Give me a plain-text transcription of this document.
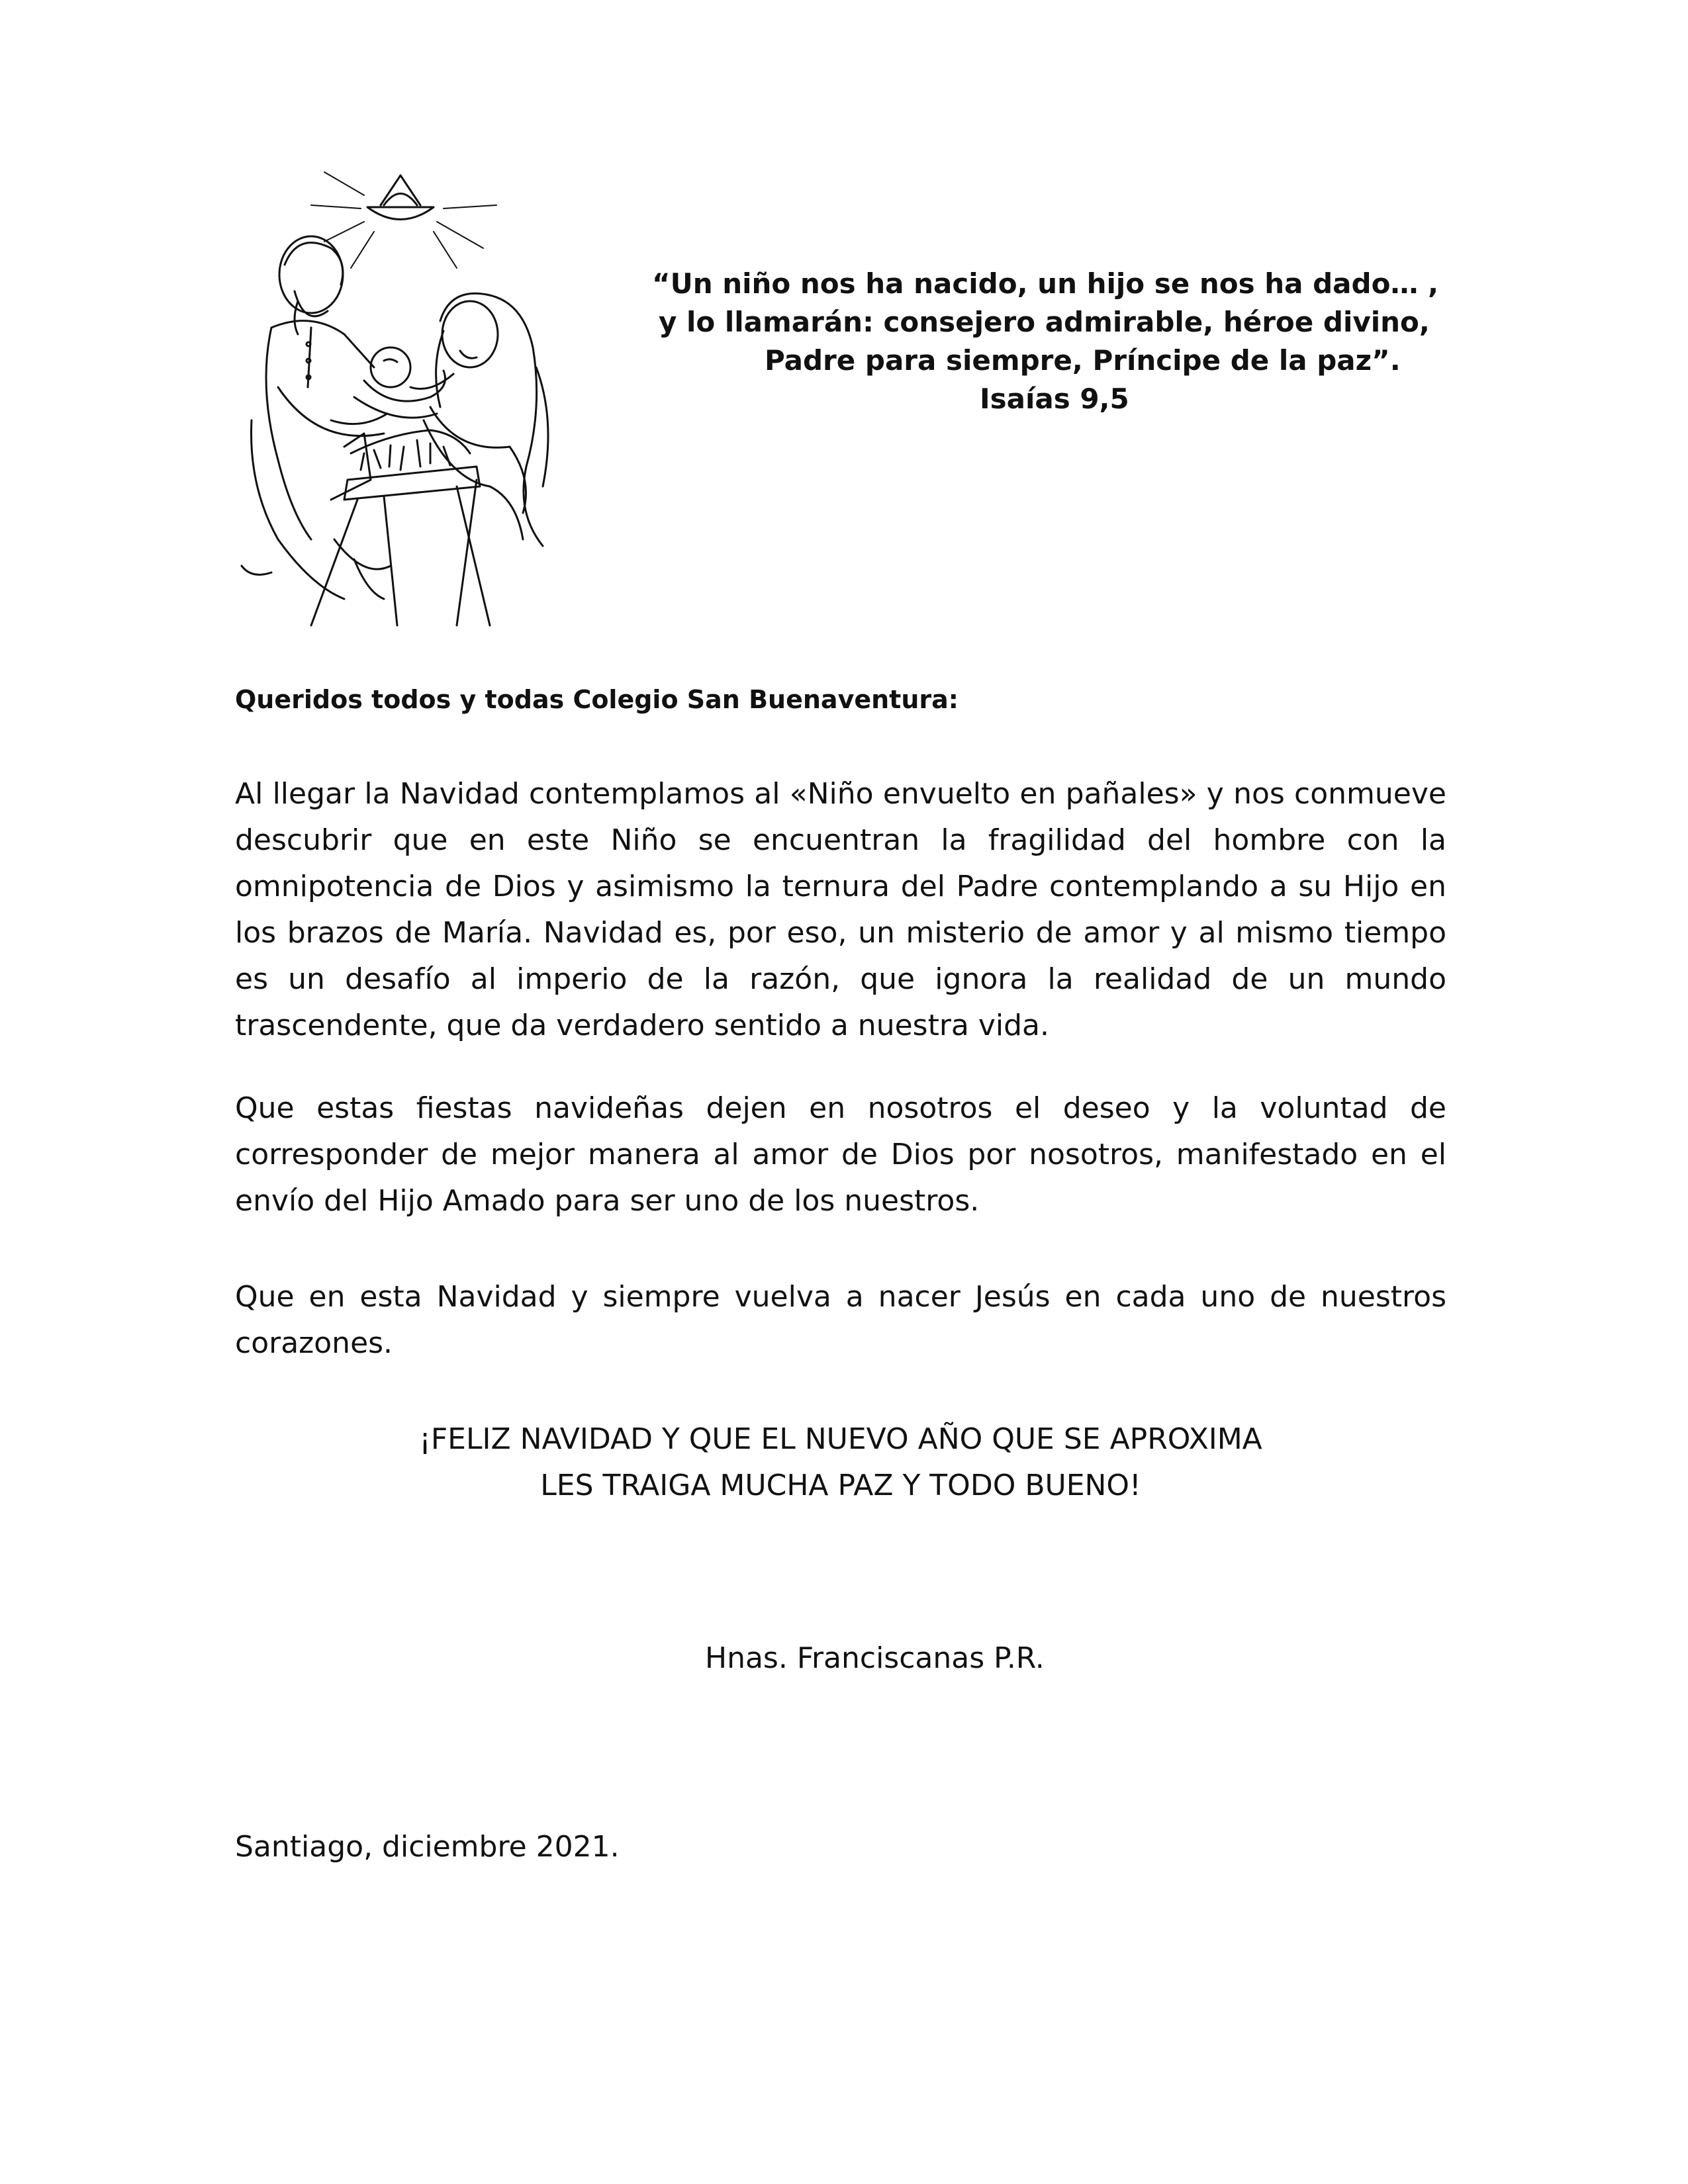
“Un niño nos ha nacido, un hijo se nos ha dado… ,
y lo llamarán: consejero admirable, héroe divino,
Padre para siempre, Príncipe de la paz”.
Isaías 9,5
Queridos todos y todas Colegio San Buenaventura:

Al llegar la Navidad contemplamos al «Niño envuelto en pañales» y nos conmueve descubrir que en este Niño se encuentran la fragilidad del hombre con la omnipotencia de Dios y asimismo la ternura del Padre contemplando a su Hijo en los brazos de María. Navidad es, por eso, un misterio de amor y al mismo tiempo es un desafío al imperio de la razón, que ignora la realidad de un mundo trascendente, que da verdadero sentido a nuestra vida.

Que estas fiestas navideñas dejen en nosotros el deseo y la voluntad de corresponder de mejor manera al amor de Dios por nosotros, manifestado en el envío del Hijo Amado para ser uno de los nuestros.

Que en esta Navidad y siempre vuelva a nacer Jesús en cada uno de nuestros corazones.

¡FELIZ NAVIDAD Y QUE EL NUEVO AÑO QUE SE APROXIMA
LES TRAIGA MUCHA PAZ Y TODO BUENO!
Hnas. Franciscanas P.R.
Santiago, diciembre 2021.
